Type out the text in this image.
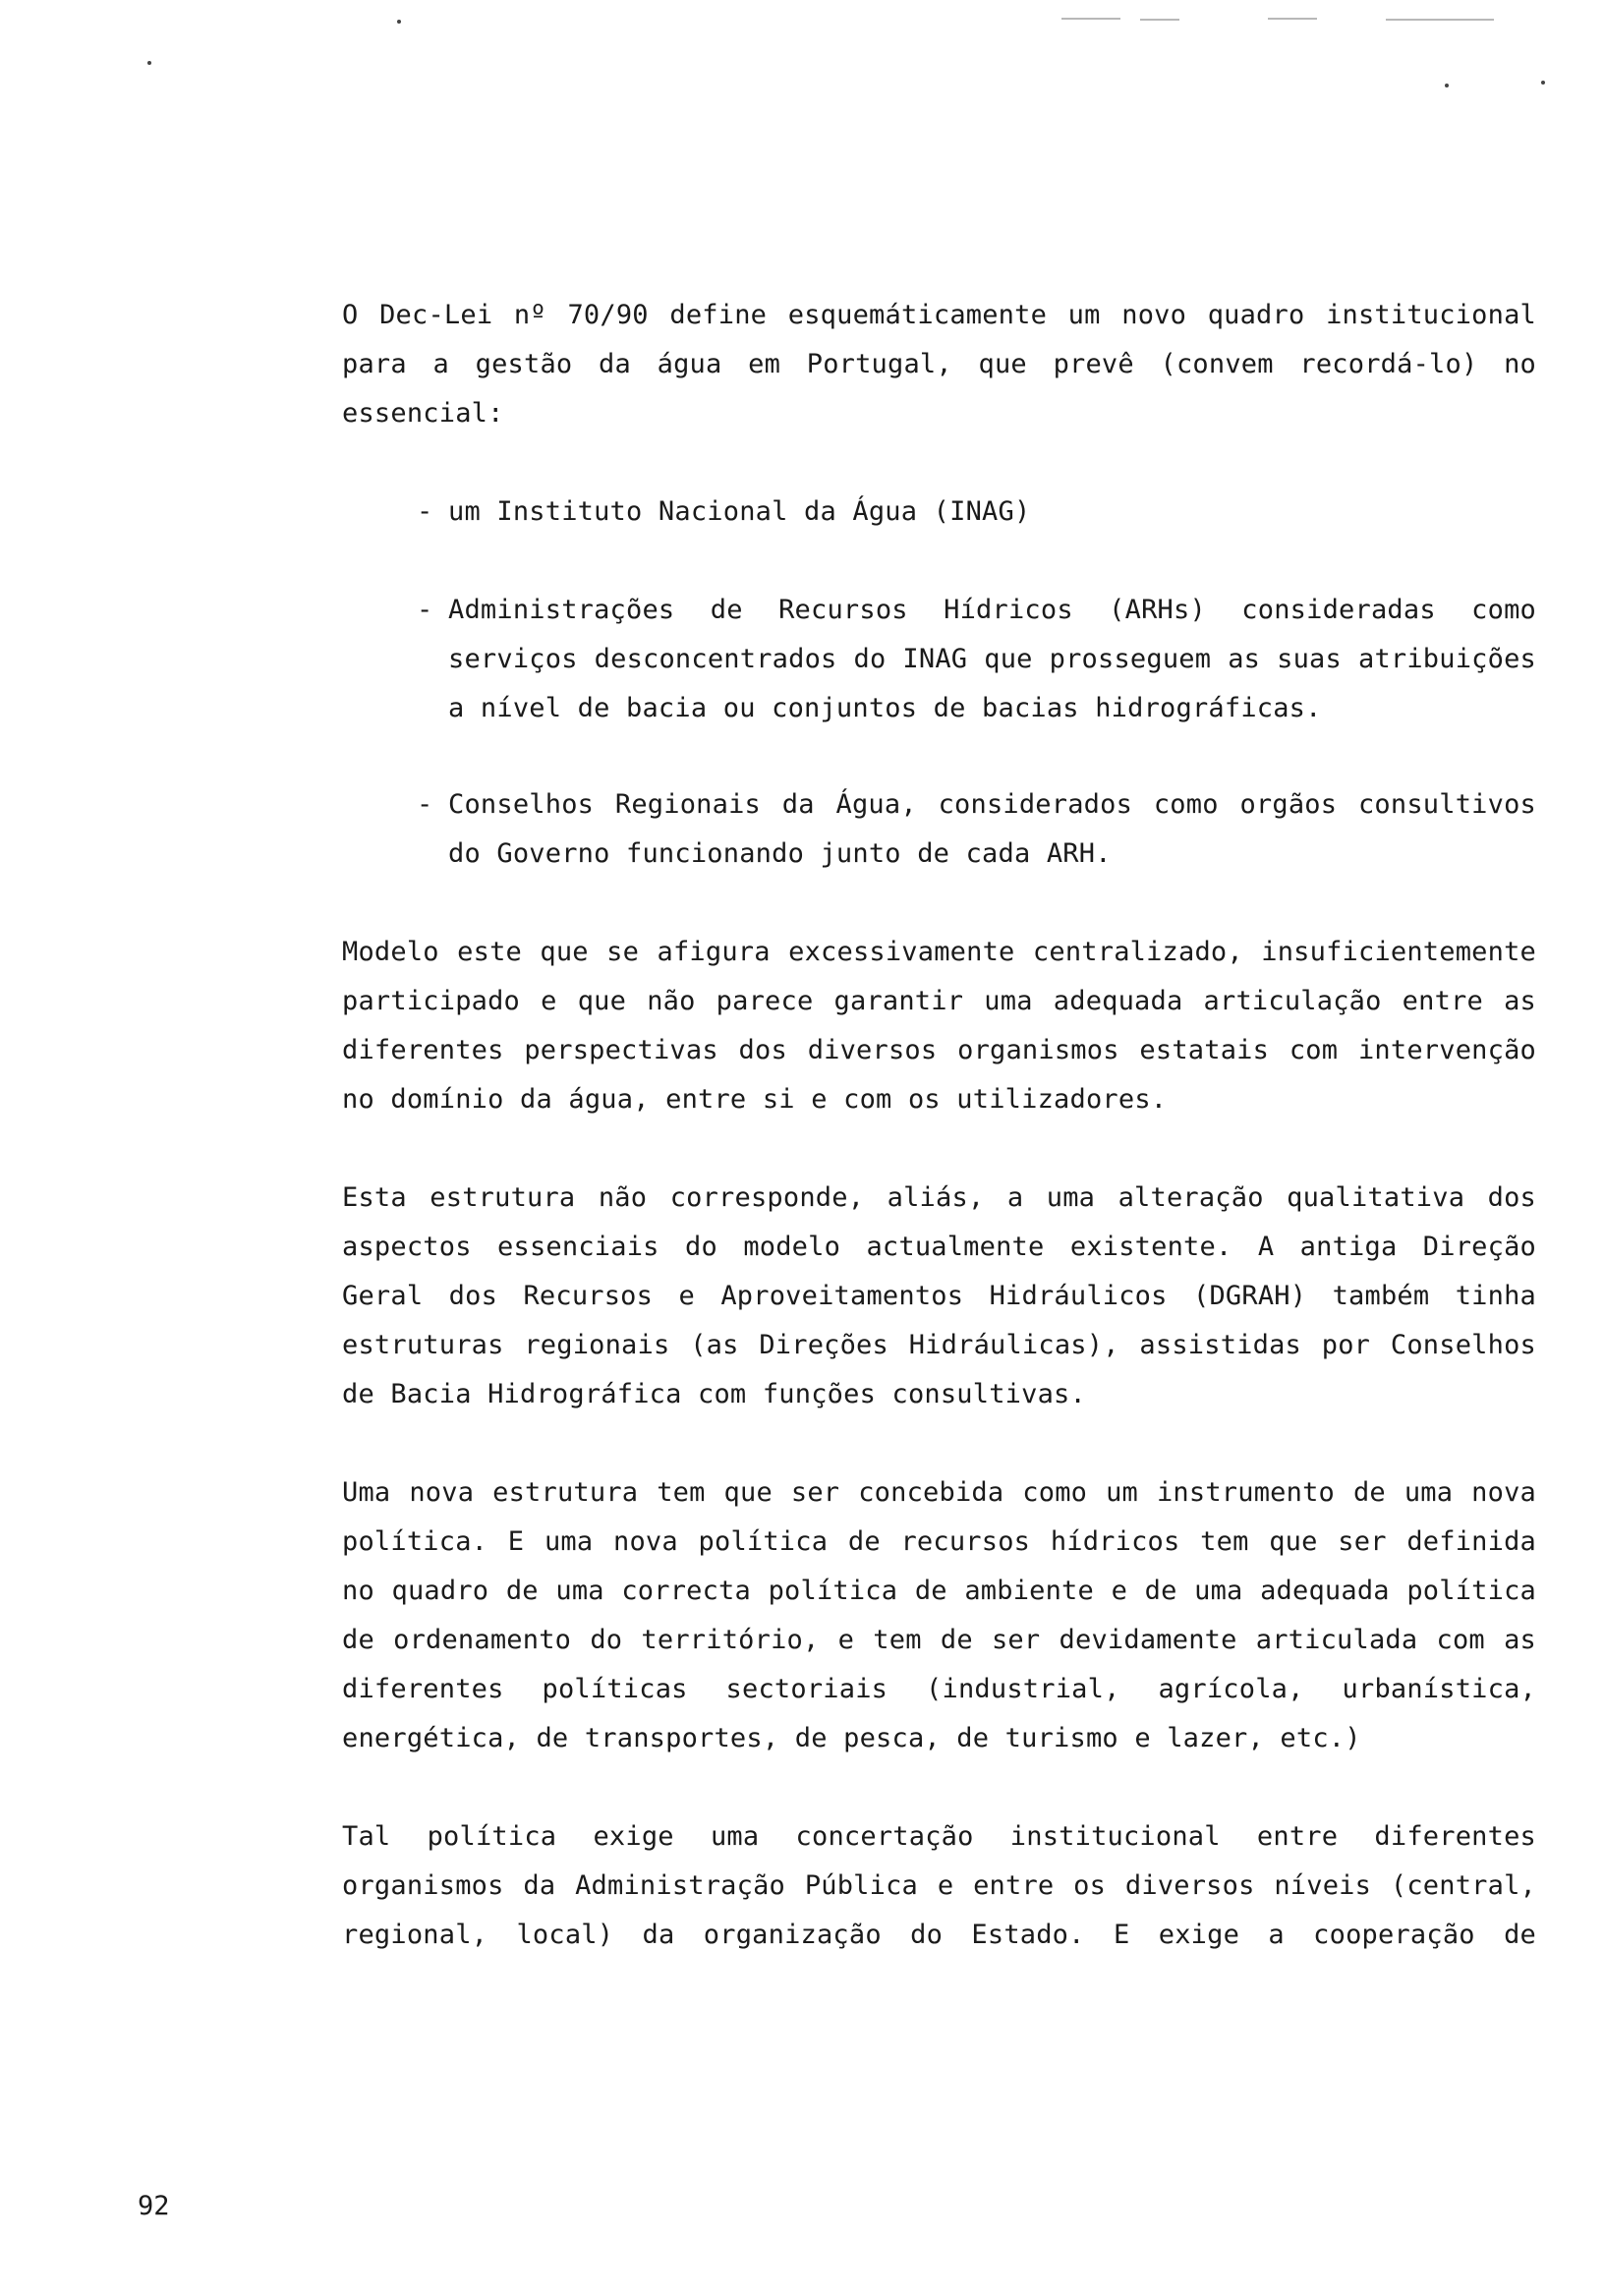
O Dec-Lei nº 70/90 define esquemáticamente um novo quadro institucional para a gestão da água em Portugal, que prevê (convem recordá-lo) no essencial:
- um Instituto Nacional da Água (INAG)
- Administrações de Recursos Hídricos (ARHs) consideradas como serviços desconcentrados do INAG que prosseguem as suas atribuições a nível de bacia ou conjuntos de bacias hidrográficas.
- Conselhos Regionais da Água, considerados como orgãos consultivos do Governo funcionando junto de cada ARH.
Modelo este que se afigura excessivamente centralizado, insuficientemente participado e que não parece garantir uma adequada articulação entre as diferentes perspectivas dos diversos organismos estatais com intervenção no domínio da água, entre si e com os utilizadores.
Esta estrutura não corresponde, aliás, a uma alteração qualitativa dos aspectos essenciais do modelo actualmente existente. A antiga Direção Geral dos Recursos e Aproveitamentos Hidráulicos (DGRAH) também tinha estruturas regionais (as Direções Hidráulicas), assistidas por Conselhos de Bacia Hidrográfica com funções consultivas.
Uma nova estrutura tem que ser concebida como um instrumento de uma nova política. E uma nova política de recursos hídricos tem que ser definida no quadro de uma correcta política de ambiente e de uma adequada política de ordenamento do território, e tem de ser devidamente articulada com as diferentes políticas sectoriais (industrial, agrícola, urbanística, energética, de transportes, de pesca, de turismo e lazer, etc.)
Tal política exige uma concertação institucional entre diferentes organismos da Administração Pública e entre os diversos níveis (central, regional, local) da organização do Estado. E exige a cooperação de
92
